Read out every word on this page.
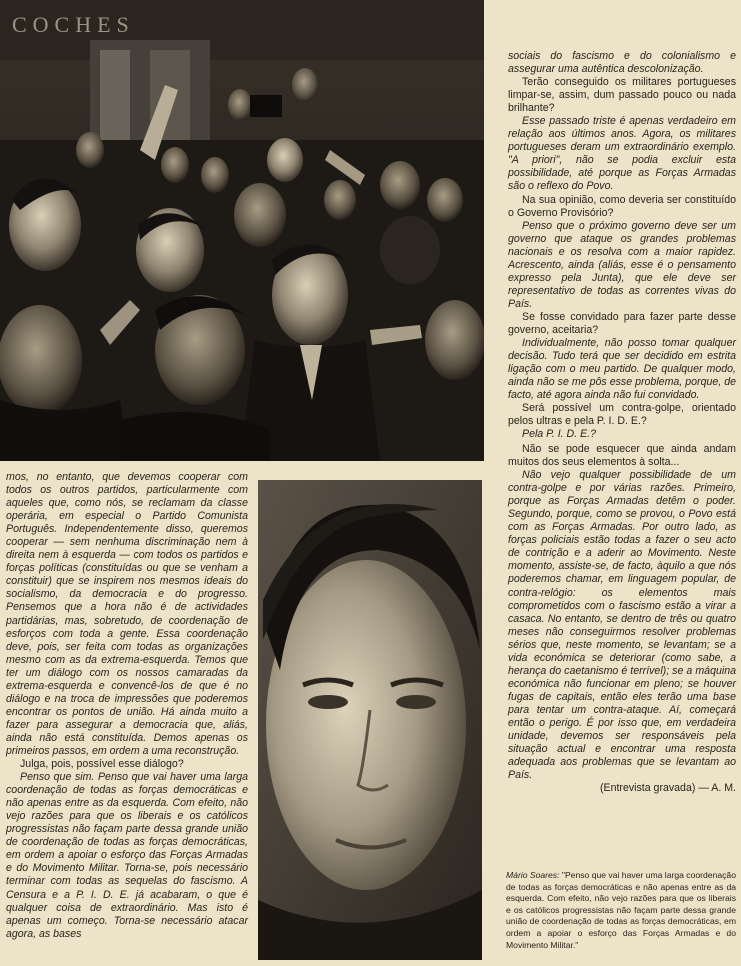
COCHES

sociais do fascismo e do colonialismo e assegurar uma autêntica descolonização.

Terão conseguido os militares portugueses limpar-se, assim, dum passado pouco ou nada brilhante?

Esse passado triste é apenas verdadeiro em relação aos últimos anos. Agora, os militares portugueses deram um extraordinário exemplo. "A priori", não se podia excluir esta possibilidade, até porque as Forças Armadas são o reflexo do Povo.

Na sua opinião, como deveria ser constituído o Governo Provisório?

Penso que o próximo governo deve ser um governo que ataque os grandes problemas nacionais e os resolva com a maior rapidez. Acrescento, ainda (aliás, esse é o pensamento expresso pela Junta), que ele deve ser representativo de todas as correntes vivas do País.

Se fosse convidado para fazer parte desse governo, aceitaria?

Individualmente, não posso tomar qualquer decisão. Tudo terá que ser decidido em estrita ligação com o meu partido. De qualquer modo, ainda não se me pôs esse problema, porque, de facto, até agora ainda não fui convidado.

Será possível um contra-golpe, orientado pelos ultras e pela P. I. D. E.?

Pela P. I. D. E.?

Não se pode esquecer que ainda andam muitos dos seus elementos à solta...

Não vejo qualquer possibilidade de um contra-golpe e por várias razões. Primeiro, porque as Forças Armadas detêm o poder. Segundo, porque, como se provou, o Povo está com as Forças Armadas. Por outro lado, as forças policiais estão todas a fazer o seu acto de contrição e a aderir ao Movimento. Neste momento, assiste-se, de facto, àquilo a que nós poderemos chamar, em linguagem popular, de contra-relógio: os elementos mais comprometidos com o fascismo estão a virar a casaca. No entanto, se dentro de três ou quatro meses não conseguirmos resolver problemas sérios que, neste momento, se levantam; se a vida económica se deteriorar (como sabe, a herança do caetanismo é terrível); se a máquina económica não funcionar em pleno; se houver fugas de capitais, então eles terão uma base para tentar um contra-ataque. Aí, começará então o perigo. É por isso que, em verdadeira unidade, devemos ser responsáveis pela situação actual e encontrar uma resposta adequada aos problemas que se levantam ao País.

(Entrevista gravada) — A. M.

mos, no entanto, que devemos cooperar com todos os outros partidos, particularmente com aqueles que, como nós, se reclamam da classe operária, em especial o Partido Comunista Português. Independentemente disso, queremos cooperar — sem nenhuma discriminação nem à direita nem à esquerda — com todos os partidos e forças políticas (constituídas ou que se venham a constituir) que se inspirem nos mesmos ideais do socialismo, da democracia e do progresso. Pensemos que a hora não é de actividades partidárias, mas, sobretudo, de coordenação de esforços com toda a gente. Essa coordenação deve, pois, ser feita com todas as organizações mesmo com as da extrema-esquerda. Temos que ter um diálogo com os nossos camaradas da extrema-esquerda e convencê-los de que é no diálogo e na troca de impressões que poderemos encontrar os pontos de união. Há ainda muito a fazer para assegurar a democracia que, aliás, ainda não está constituída. Demos apenas os primeiros passos, em ordem a uma reconstrução.

Julga, pois, possível esse diálogo?

Penso que sim. Penso que vai haver uma larga coordenação de todas as forças democráticas e não apenas entre as da esquerda. Com efeito, não vejo razões para que os liberais e os católicos progressistas não façam parte dessa grande união de coordenação de todas as forças democráticas, em ordem a apoiar o esforço das Forças Armadas e do Movimento Militar. Torna-se, pois necessário terminar com todas as sequelas do fascismo. A Censura e a P. I. D. E. já acabaram, o que é qualquer coisa de extraordinário. Mas isto é apenas um começo. Torna-se necessário atacar agora, as bases

Mário Soares: "Penso que vai haver uma larga coordenação de todas as forças democráticas e não apenas entre as da esquerda. Com efeito, não vejo razões para que os liberais e os católicos progressistas não façam parte dessa grande união de coordenação de todas as forças democráticas, em ordem a apoiar o esforço das Forças Armadas e do Movimento Militar."
